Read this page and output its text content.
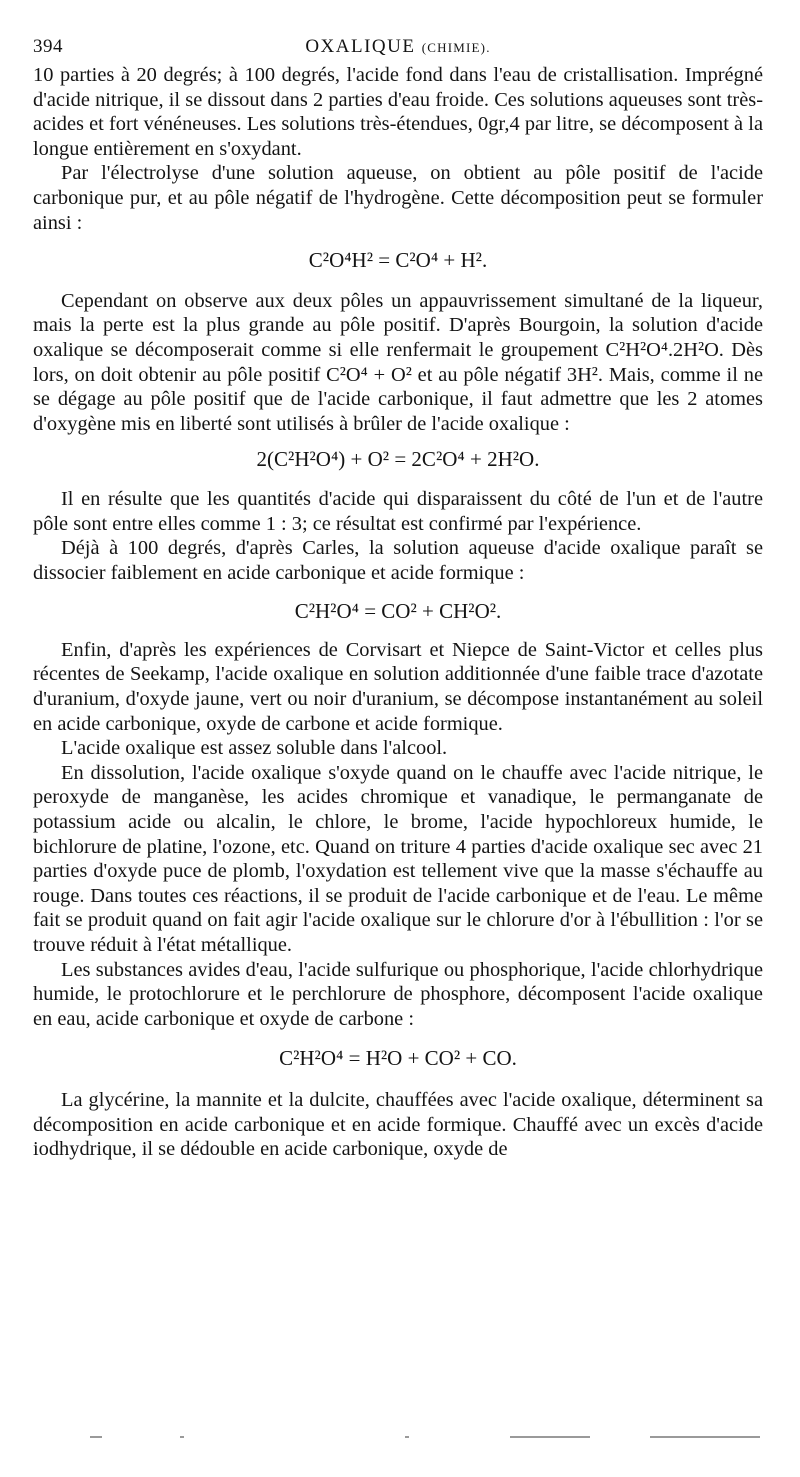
394	OXALIQUE (CHIMIE).

10 parties à 20 degrés; à 100 degrés, l'acide fond dans l'eau de cristallisation. Imprégné d'acide nitrique, il se dissout dans 2 parties d'eau froide. Ces solutions aqueuses sont très-acides et fort vénéneuses. Les solutions très-étendues, 0gr,4 par litre, se décomposent à la longue entièrement en s'oxydant.

Par l'électrolyse d'une solution aqueuse, on obtient au pôle positif de l'acide carbonique pur, et au pôle négatif de l'hydrogène. Cette décomposition peut se formuler ainsi :

C²O⁴H² = C²O⁴ + H².

Cependant on observe aux deux pôles un appauvrissement simultané de la liqueur, mais la perte est la plus grande au pôle positif. D'après Bourgoin, la solution d'acide oxalique se décomposerait comme si elle renfermait le groupement C²H²O⁴.2H²O. Dès lors, on doit obtenir au pôle positif C²O⁴ + O² et au pôle négatif 3H². Mais, comme il ne se dégage au pôle positif que de l'acide carbonique, il faut admettre que les 2 atomes d'oxygène mis en liberté sont utilisés à brûler de l'acide oxalique :

2(C²H²O⁴) + O² = 2C²O⁴ + 2H²O.

Il en résulte que les quantités d'acide qui disparaissent du côté de l'un et de l'autre pôle sont entre elles comme 1 : 3; ce résultat est confirmé par l'expérience.

Déjà à 100 degrés, d'après Carles, la solution aqueuse d'acide oxalique paraît se dissocier faiblement en acide carbonique et acide formique :

C²H²O⁴ = CO² + CH²O².

Enfin, d'après les expériences de Corvisart et Niepce de Saint-Victor et celles plus récentes de Seekamp, l'acide oxalique en solution additionnée d'une faible trace d'azotate d'uranium, d'oxyde jaune, vert ou noir d'uranium, se décompose instantanément au soleil en acide carbonique, oxyde de carbone et acide formique.

L'acide oxalique est assez soluble dans l'alcool.

En dissolution, l'acide oxalique s'oxyde quand on le chauffe avec l'acide nitrique, le peroxyde de manganèse, les acides chromique et vanadique, le permanganate de potassium acide ou alcalin, le chlore, le brome, l'acide hypochloreux humide, le bichlorure de platine, l'ozone, etc. Quand on triture 4 parties d'acide oxalique sec avec 21 parties d'oxyde puce de plomb, l'oxydation est tellement vive que la masse s'échauffe au rouge. Dans toutes ces réactions, il se produit de l'acide carbonique et de l'eau. Le même fait se produit quand on fait agir l'acide oxalique sur le chlorure d'or à l'ébullition : l'or se trouve réduit à l'état métallique.

Les substances avides d'eau, l'acide sulfurique ou phosphorique, l'acide chlorhydrique humide, le protochlorure et le perchlorure de phosphore, décomposent l'acide oxalique en eau, acide carbonique et oxyde de carbone :

C²H²O⁴ = H²O + CO² + CO.

La glycérine, la mannite et la dulcite, chauffées avec l'acide oxalique, déterminent sa décomposition en acide carbonique et en acide formique. Chauffé avec un excès d'acide iodhydrique, il se dédouble en acide carbonique, oxyde de
